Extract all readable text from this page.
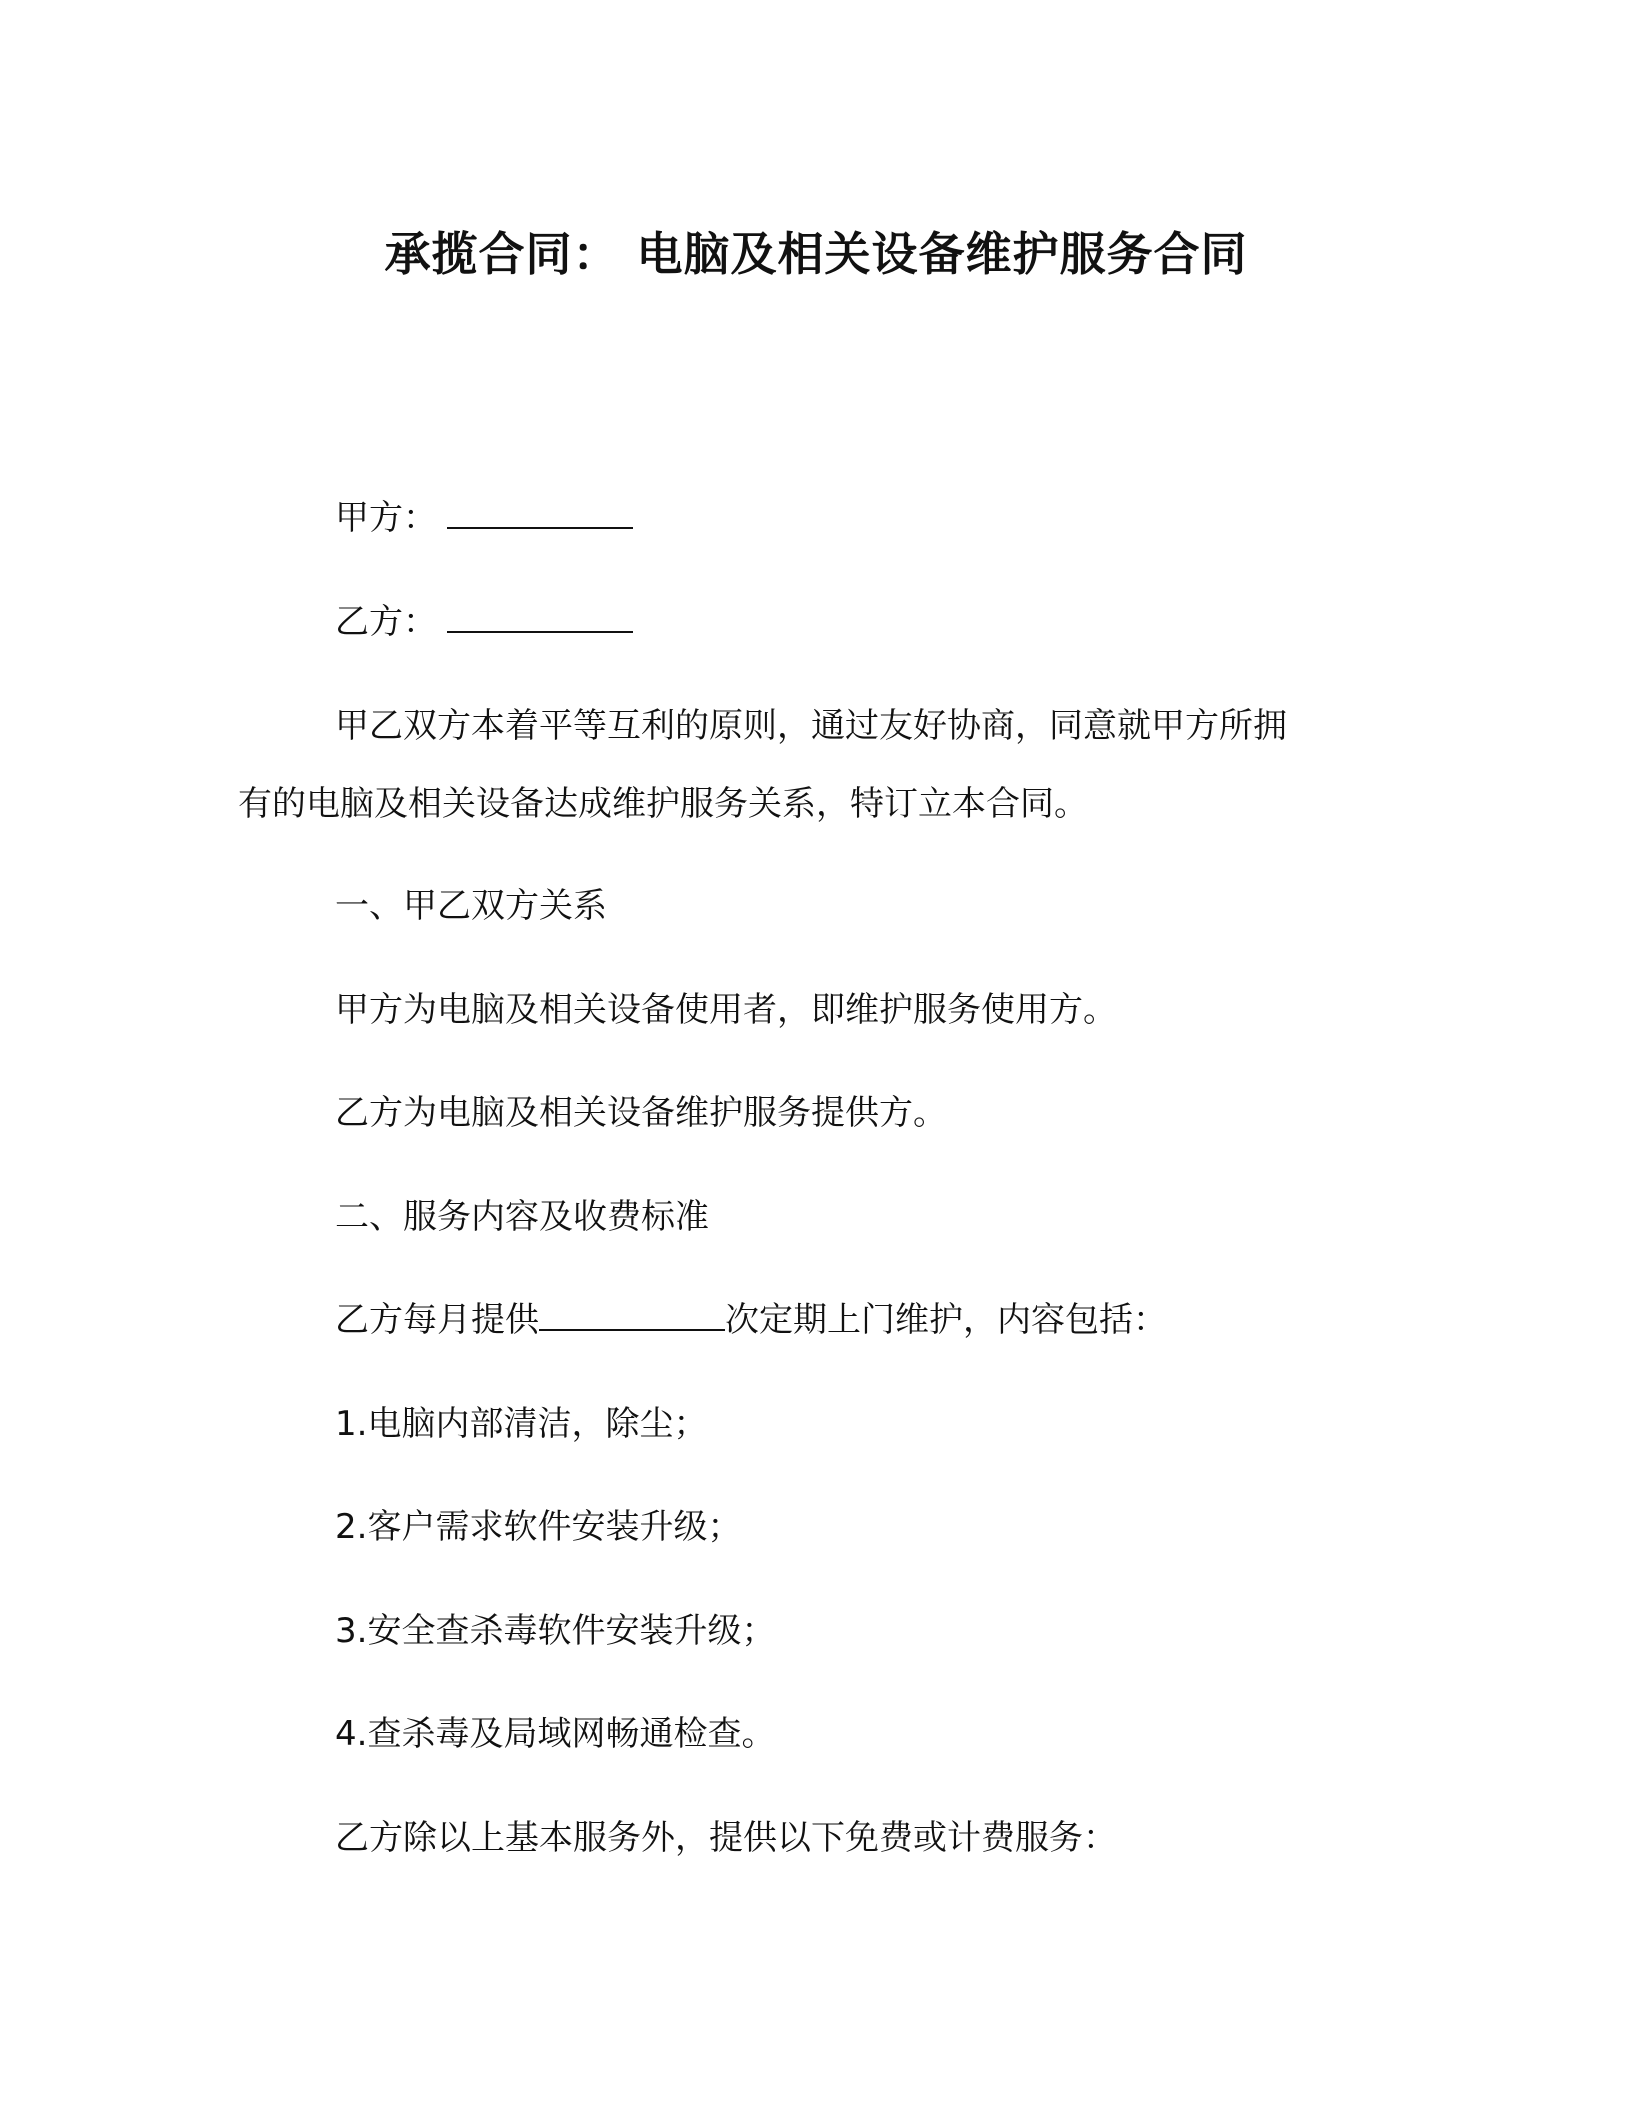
承揽合同： 电脑及相关设备维护服务合同
甲方：
乙方：
甲乙双方本着平等互利的原则，通过友好协商，同意就甲方所拥
有的电脑及相关设备达成维护服务关系，特订立本合同。
一、甲乙双方关系
甲方为电脑及相关设备使用者，即维护服务使用方。
乙方为电脑及相关设备维护服务提供方。
二、服务内容及收费标准
乙方每月提供	次定期上门维护，内容包括：
1.电脑内部清洁，除尘；
2.客户需求软件安装升级；
3.安全查杀毒软件安装升级；
4.查杀毒及局域网畅通检查。
乙方除以上基本服务外，提供以下免费或计费服务：
